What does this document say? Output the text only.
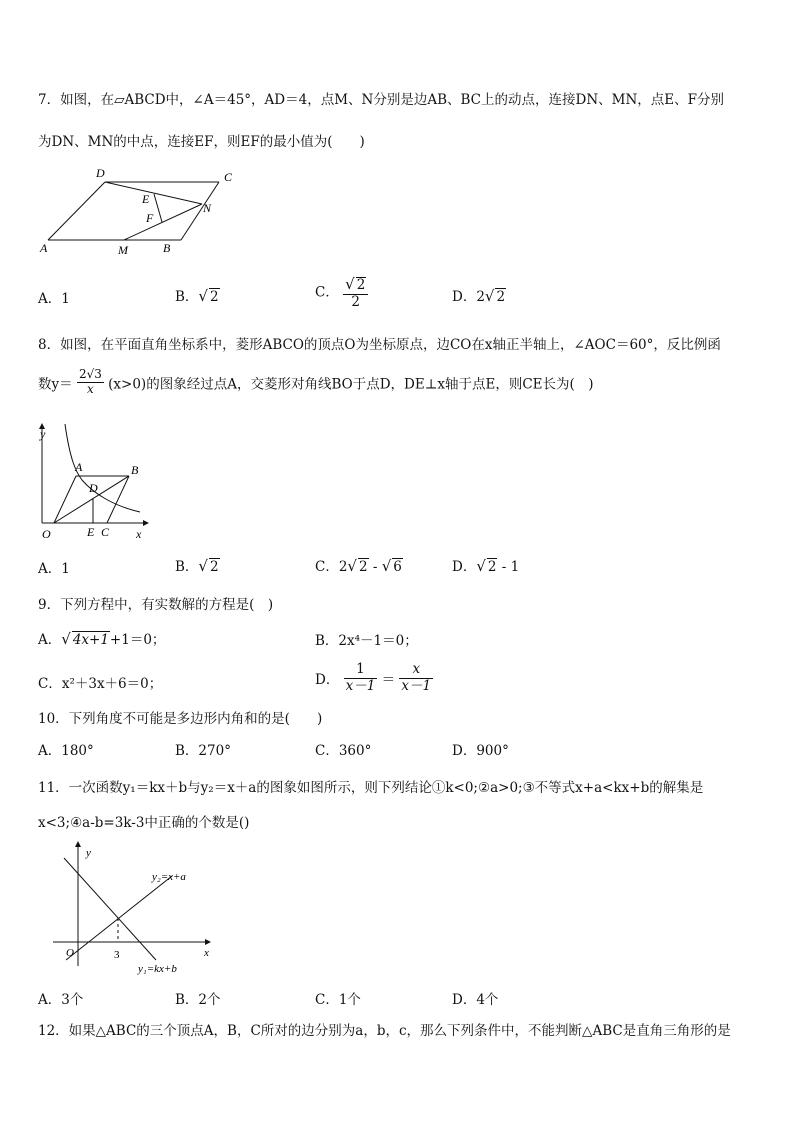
7．如图，在▱ABCD中，∠A＝45°，AD＝4，点M、N分别是边AB、BC上的动点，连接DN、MN，点E、F分别
为DN、MN的中点，连接EF，则EF的最小值为(　　)
D	C
E
F
N
A	M	B
A．1	B．√ 2	C． $\frac{√ 2}{2}$	D．2√ 2
8．如图，在平面直角坐标系中，菱形ABCO的顶点O为坐标原点，边CO在x轴正半轴上，∠AOC＝60°，反比例函
数$y= \frac{2√3}{x} (x>0)$的图象经过点A，交菱形对角线BO于点D，DE⊥x轴于点E，则CE长为(　)
y
A	B
D
O	E C x
A．1	B．√ 2	C．2√ 2 - √ 6	D．√ 2 - 1
9．下列方程中，有实数解的方程是(　)
A．√ 4x+1+1＝0；	B．2x⁴－1＝0；
C．x²＋3x＋6＝0；	D． $\frac{1}{x-1} = \frac{x}{x-1}$
10．下列角度不可能是多边形内角和的是(　　)
A．180°	B．270°	C．360°	D．900°
11．一次函数y₁＝kx＋b与y₂＝x＋a的图象如图所示，则下列结论①k<0;②a>0;③不等式x+a<kx+b的解集是
x<3;④a-b=3k-3中正确的个数是()
y
y₂=x+a
O	3	x
y₁=kx+b
A．3个	B．2个	C．1个	D．4个
12．如果△ABC的三个顶点A，B，C所对的边分别为a，b，c，那么下列条件中，不能判断△ABC是直角三角形的是
